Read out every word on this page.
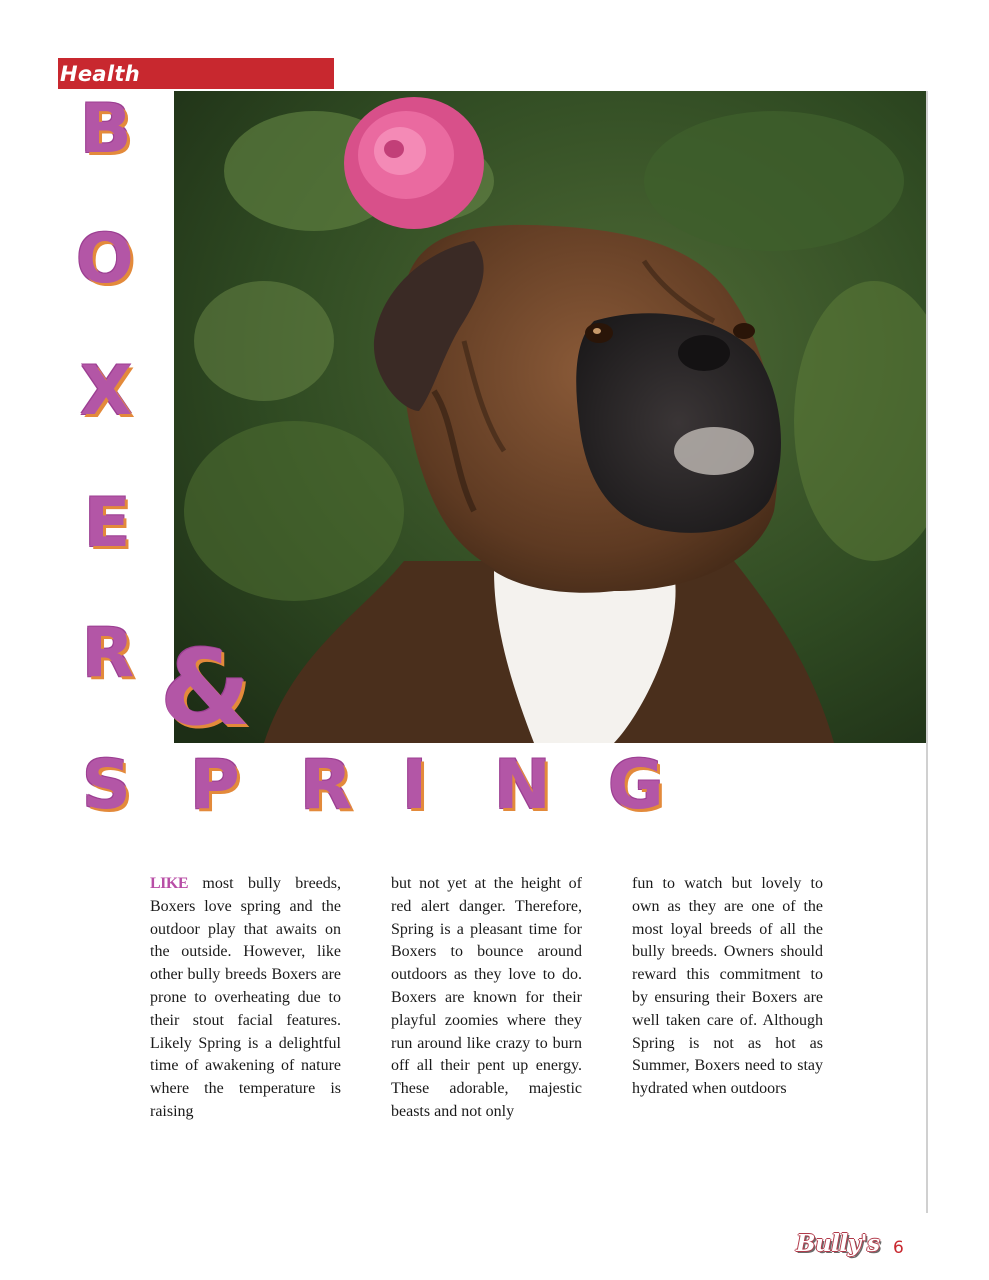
Health
B
O
X
E
R
S
&
P R I N G

LIKE most bully breeds, Boxers love spring and the outdoor play that awaits on the outside. However, like other bully breeds Boxers are prone to overheating due to their stout facial features. Likely Spring is a delightful time of awakening of nature where the temperature is raising

but not yet at the height of red alert danger. Therefore, Spring is a pleasant time for Boxers to bounce around outdoors as they love to do. Boxers are known for their playful zoomies where they run around like crazy to burn off all their pent up energy. These adorable, majestic beasts and not only

fun to watch but lovely to own as they are one of the most loyal breeds of all the bully breeds. Owners should reward this commitment to by ensuring their Boxers are well taken care of. Although Spring is not as hot as Summer, Boxers need to stay hydrated when outdoors

Bully's 6
